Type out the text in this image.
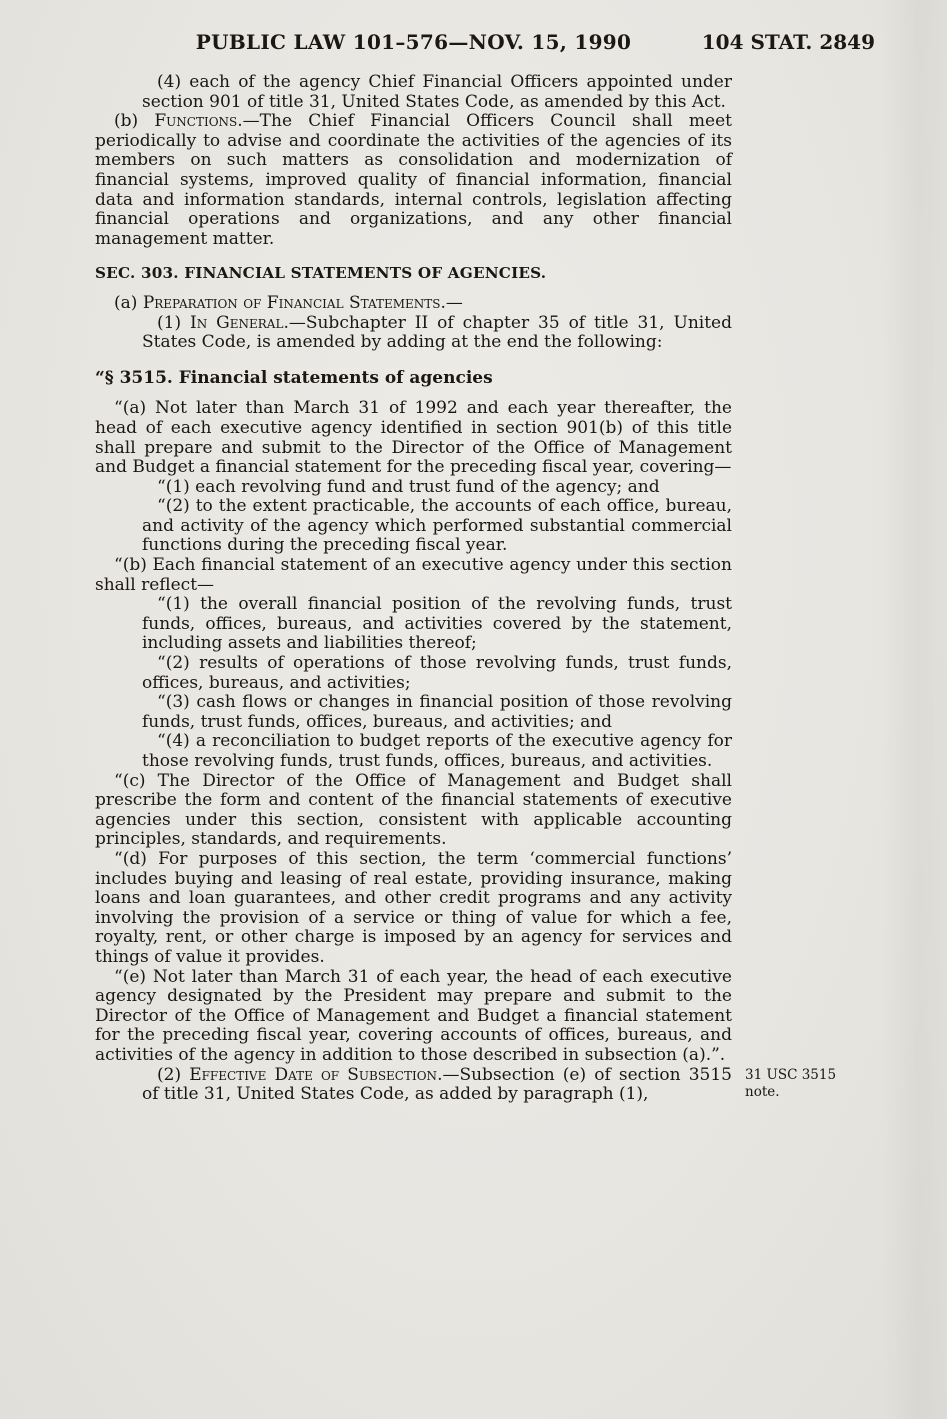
PUBLIC LAW 101–576—NOV. 15, 1990	104 STAT. 2849

(4) each of the agency Chief Financial Officers appointed under section 901 of title 31, United States Code, as amended by this Act.

(b) Functions.—The Chief Financial Officers Council shall meet periodically to advise and coordinate the activities of the agencies of its members on such matters as consolidation and modernization of financial systems, improved quality of financial information, financial data and information standards, internal controls, legislation affecting financial operations and organizations, and any other financial management matter.

SEC. 303. FINANCIAL STATEMENTS OF AGENCIES.

(a) Preparation of Financial Statements.—

(1) In General.—Subchapter II of chapter 35 of title 31, United States Code, is amended by adding at the end the following:

“§ 3515. Financial statements of agencies

“(a) Not later than March 31 of 1992 and each year thereafter, the head of each executive agency identified in section 901(b) of this title shall prepare and submit to the Director of the Office of Management and Budget a financial statement for the preceding fiscal year, covering—

“(1) each revolving fund and trust fund of the agency; and

“(2) to the extent practicable, the accounts of each office, bureau, and activity of the agency which performed substantial commercial functions during the preceding fiscal year.

“(b) Each financial statement of an executive agency under this section shall reflect—

“(1) the overall financial position of the revolving funds, trust funds, offices, bureaus, and activities covered by the statement, including assets and liabilities thereof;

“(2) results of operations of those revolving funds, trust funds, offices, bureaus, and activities;

“(3) cash flows or changes in financial position of those revolving funds, trust funds, offices, bureaus, and activities; and

“(4) a reconciliation to budget reports of the executive agency for those revolving funds, trust funds, offices, bureaus, and activities.

“(c) The Director of the Office of Management and Budget shall prescribe the form and content of the financial statements of executive agencies under this section, consistent with applicable accounting principles, standards, and requirements.

“(d) For purposes of this section, the term ‘commercial functions’ includes buying and leasing of real estate, providing insurance, making loans and loan guarantees, and other credit programs and any activity involving the provision of a service or thing of value for which a fee, royalty, rent, or other charge is imposed by an agency for services and things of value it provides.

“(e) Not later than March 31 of each year, the head of each executive agency designated by the President may prepare and submit to the Director of the Office of Management and Budget a financial statement for the preceding fiscal year, covering accounts of offices, bureaus, and activities of the agency in addition to those described in subsection (a).”.

(2) Effective Date of Subsection.—Subsection (e) of section 3515 of title 31, United States Code, as added by paragraph (1),
31 USC 3515
note.
